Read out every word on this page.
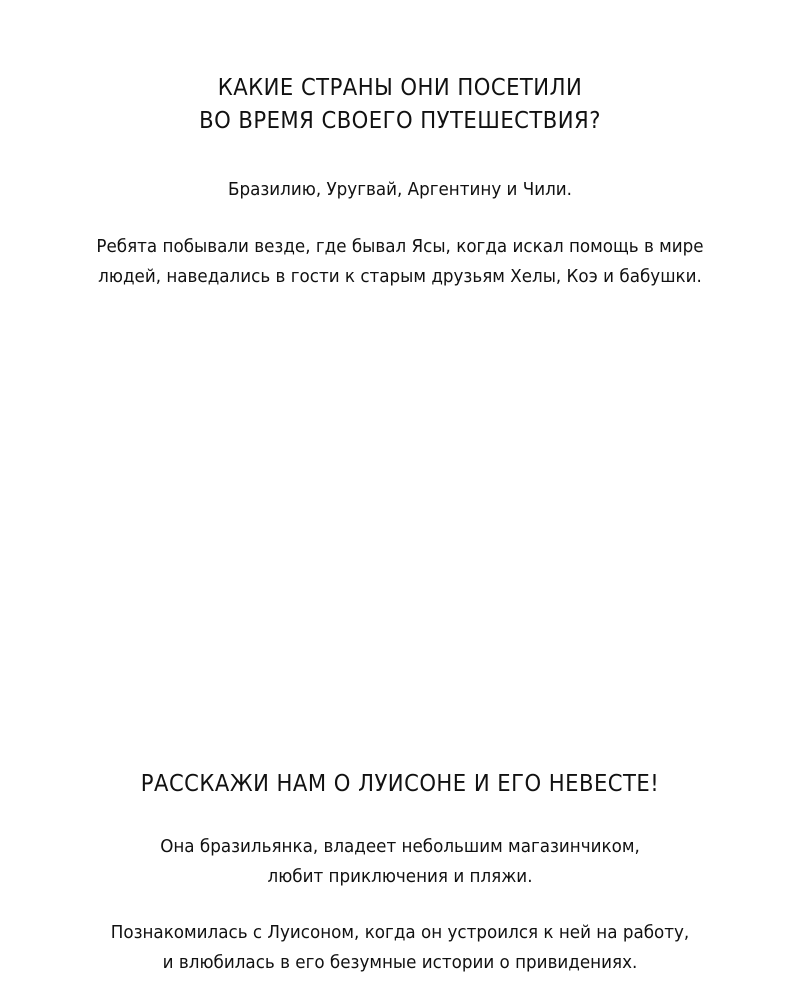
КАКИЕ СТРАНЫ ОНИ ПОСЕТИЛИ
ВО ВРЕМЯ СВОЕГО ПУТЕШЕСТВИЯ?

Бразилию, Уругвай, Аргентину и Чили.

Ребята побывали везде, где бывал Ясы, когда искал помощь в мире
людей, наведались в гости к старым друзьям Хелы, Коэ и бабушки.

РАССКАЖИ НАМ О ЛУИСОНЕ И ЕГО НЕВЕСТЕ!

Она бразильянка, владеет небольшим магазинчиком,
любит приключения и пляжи.

Познакомилась с Луисоном, когда он устроился к ней на работу,
и влюбилась в его безумные истории о привидениях.
